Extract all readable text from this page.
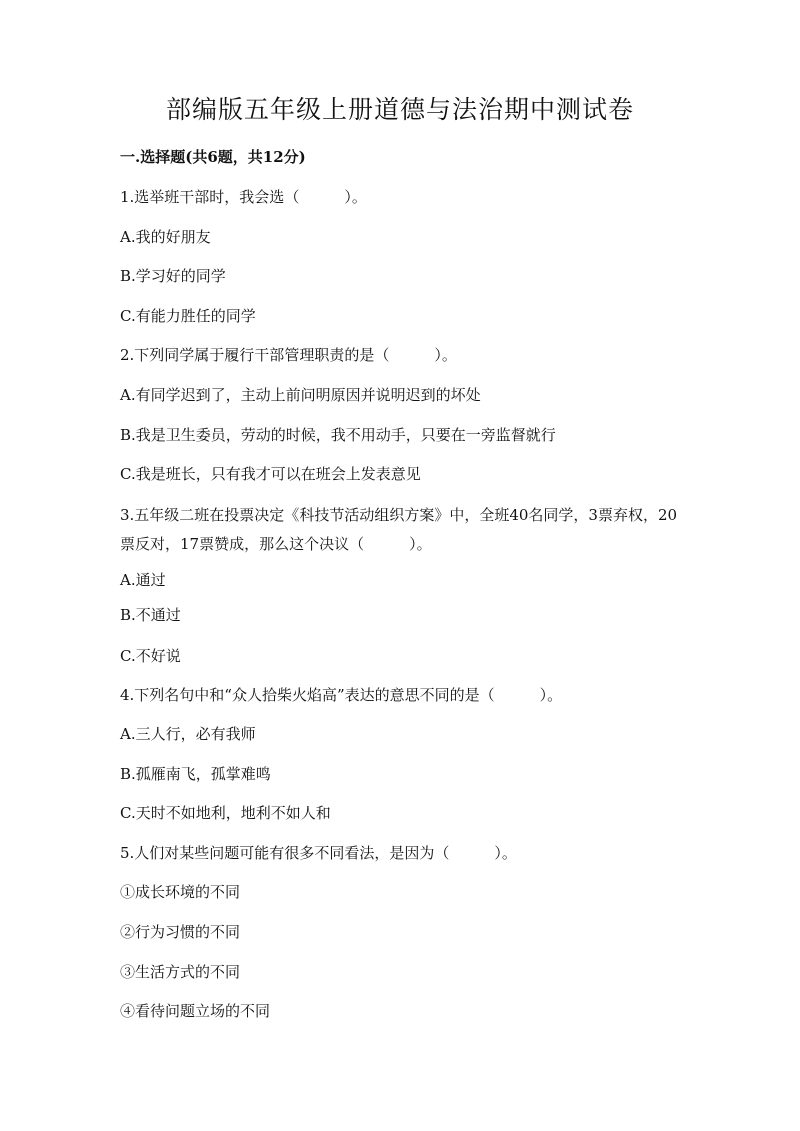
部编版五年级上册道德与法治期中测试卷
一.选择题(共6题，共12分)
1.选举班干部时，我会选（　　　）。
A.我的好朋友
B.学习好的同学
C.有能力胜任的同学
2.下列同学属于履行干部管理职责的是（　　　）。
A.有同学迟到了，主动上前问明原因并说明迟到的坏处
B.我是卫生委员，劳动的时候，我不用动手，只要在一旁监督就行
C.我是班长，只有我才可以在班会上发表意见
3.五年级二班在投票决定《科技节活动组织方案》中，全班40名同学，3票弃权，20票反对，17票赞成，那么这个决议（　　　）。
A.通过
B.不通过
C.不好说
4.下列名句中和“众人拾柴火焰高”表达的意思不同的是（　　　）。
A.三人行，必有我师
B.孤雁南飞，孤掌难鸣
C.天时不如地利，地利不如人和
5.人们对某些问题可能有很多不同看法，是因为（　　　）。
①成长环境的不同
②行为习惯的不同
③生活方式的不同
④看待问题立场的不同
